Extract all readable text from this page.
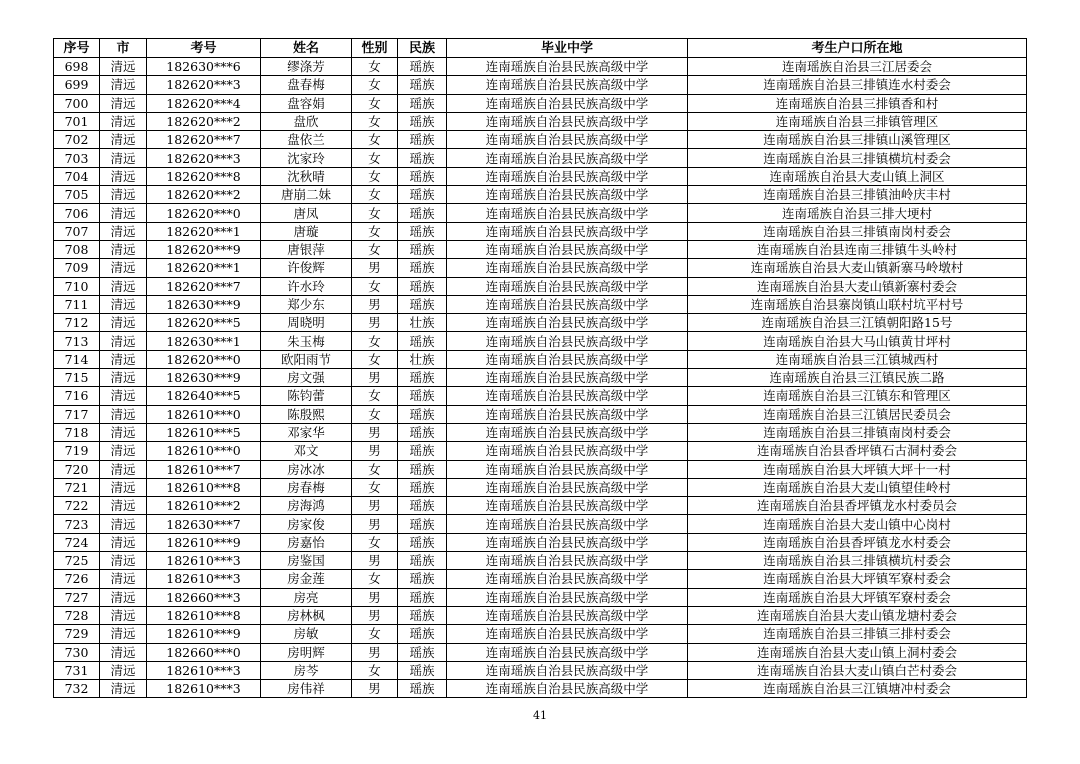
序号	市	考号	姓名	性别	民族	毕业中学	考生户口所在地
698	清远	182630***6	缪涤芳	女	瑶族	连南瑶族自治县民族高级中学	连南瑶族自治县三江居委会
699	清远	182620***3	盘春梅	女	瑶族	连南瑶族自治县民族高级中学	连南瑶族自治县三排镇连水村委会
700	清远	182620***4	盘容娟	女	瑶族	连南瑶族自治县民族高级中学	连南瑶族自治县三排镇香和村
701	清远	182620***2	盘欣	女	瑶族	连南瑶族自治县民族高级中学	连南瑶族自治县三排镇管理区
702	清远	182620***7	盘依兰	女	瑶族	连南瑶族自治县民族高级中学	连南瑶族自治县三排镇山溪管理区
703	清远	182620***3	沈家玲	女	瑶族	连南瑶族自治县民族高级中学	连南瑶族自治县三排镇横坑村委会
704	清远	182620***8	沈秋晴	女	瑶族	连南瑶族自治县民族高级中学	连南瑶族自治县大麦山镇上洞区
705	清远	182620***2	唐崩二妹	女	瑶族	连南瑶族自治县民族高级中学	连南瑶族自治县三排镇油岭庆丰村
706	清远	182620***0	唐凤	女	瑶族	连南瑶族自治县民族高级中学	连南瑶族自治县三排大埂村
707	清远	182620***1	唐璇	女	瑶族	连南瑶族自治县民族高级中学	连南瑶族自治县三排镇南岗村委会
708	清远	182620***9	唐银萍	女	瑶族	连南瑶族自治县民族高级中学	连南瑶族自治县连南三排镇牛头岭村
709	清远	182620***1	许俊辉	男	瑶族	连南瑶族自治县民族高级中学	连南瑶族自治县大麦山镇新寨马岭墩村
710	清远	182620***7	许水玲	女	瑶族	连南瑶族自治县民族高级中学	连南瑶族自治县大麦山镇新寨村委会
711	清远	182630***9	郑少东	男	瑶族	连南瑶族自治县民族高级中学	连南瑶族自治县寨岗镇山联村坑平村号
712	清远	182620***5	周晓明	男	壮族	连南瑶族自治县民族高级中学	连南瑶族自治县三江镇朝阳路15号
713	清远	182630***1	朱玉梅	女	瑶族	连南瑶族自治县民族高级中学	连南瑶族自治县大马山镇黄甘坪村
714	清远	182620***0	欧阳雨节	女	壮族	连南瑶族自治县民族高级中学	连南瑶族自治县三江镇城西村
715	清远	182630***9	房文强	男	瑶族	连南瑶族自治县民族高级中学	连南瑶族自治县三江镇民族二路
716	清远	182640***5	陈钧蕾	女	瑶族	连南瑶族自治县民族高级中学	连南瑶族自治县三江镇东和管理区
717	清远	182610***0	陈殷熙	女	瑶族	连南瑶族自治县民族高级中学	连南瑶族自治县三江镇居民委员会
718	清远	182610***5	邓家华	男	瑶族	连南瑶族自治县民族高级中学	连南瑶族自治县三排镇南岗村委会
719	清远	182610***0	邓文	男	瑶族	连南瑶族自治县民族高级中学	连南瑶族自治县香坪镇石古洞村委会
720	清远	182610***7	房冰冰	女	瑶族	连南瑶族自治县民族高级中学	连南瑶族自治县大坪镇大坪十一村
721	清远	182610***8	房春梅	女	瑶族	连南瑶族自治县民族高级中学	连南瑶族自治县大麦山镇望佳岭村
722	清远	182610***2	房海鸿	男	瑶族	连南瑶族自治县民族高级中学	连南瑶族自治县香坪镇龙水村委员会
723	清远	182630***7	房家俊	男	瑶族	连南瑶族自治县民族高级中学	连南瑶族自治县大麦山镇中心岗村
724	清远	182610***9	房嘉怡	女	瑶族	连南瑶族自治县民族高级中学	连南瑶族自治县香坪镇龙水村委会
725	清远	182610***3	房鉴国	男	瑶族	连南瑶族自治县民族高级中学	连南瑶族自治县三排镇横坑村委会
726	清远	182610***3	房金莲	女	瑶族	连南瑶族自治县民族高级中学	连南瑶族自治县大坪镇军寮村委会
727	清远	182660***3	房亮	男	瑶族	连南瑶族自治县民族高级中学	连南瑶族自治县大坪镇军寮村委会
728	清远	182610***8	房林枫	男	瑶族	连南瑶族自治县民族高级中学	连南瑶族自治县大麦山镇龙塘村委会
729	清远	182610***9	房敏	女	瑶族	连南瑶族自治县民族高级中学	连南瑶族自治县三排镇三排村委会
730	清远	182660***0	房明辉	男	瑶族	连南瑶族自治县民族高级中学	连南瑶族自治县大麦山镇上洞村委会
731	清远	182610***3	房芩	女	瑶族	连南瑶族自治县民族高级中学	连南瑶族自治县大麦山镇白芒村委会
732	清远	182610***3	房伟祥	男	瑶族	连南瑶族自治县民族高级中学	连南瑶族自治县三江镇塘冲村委会
41
